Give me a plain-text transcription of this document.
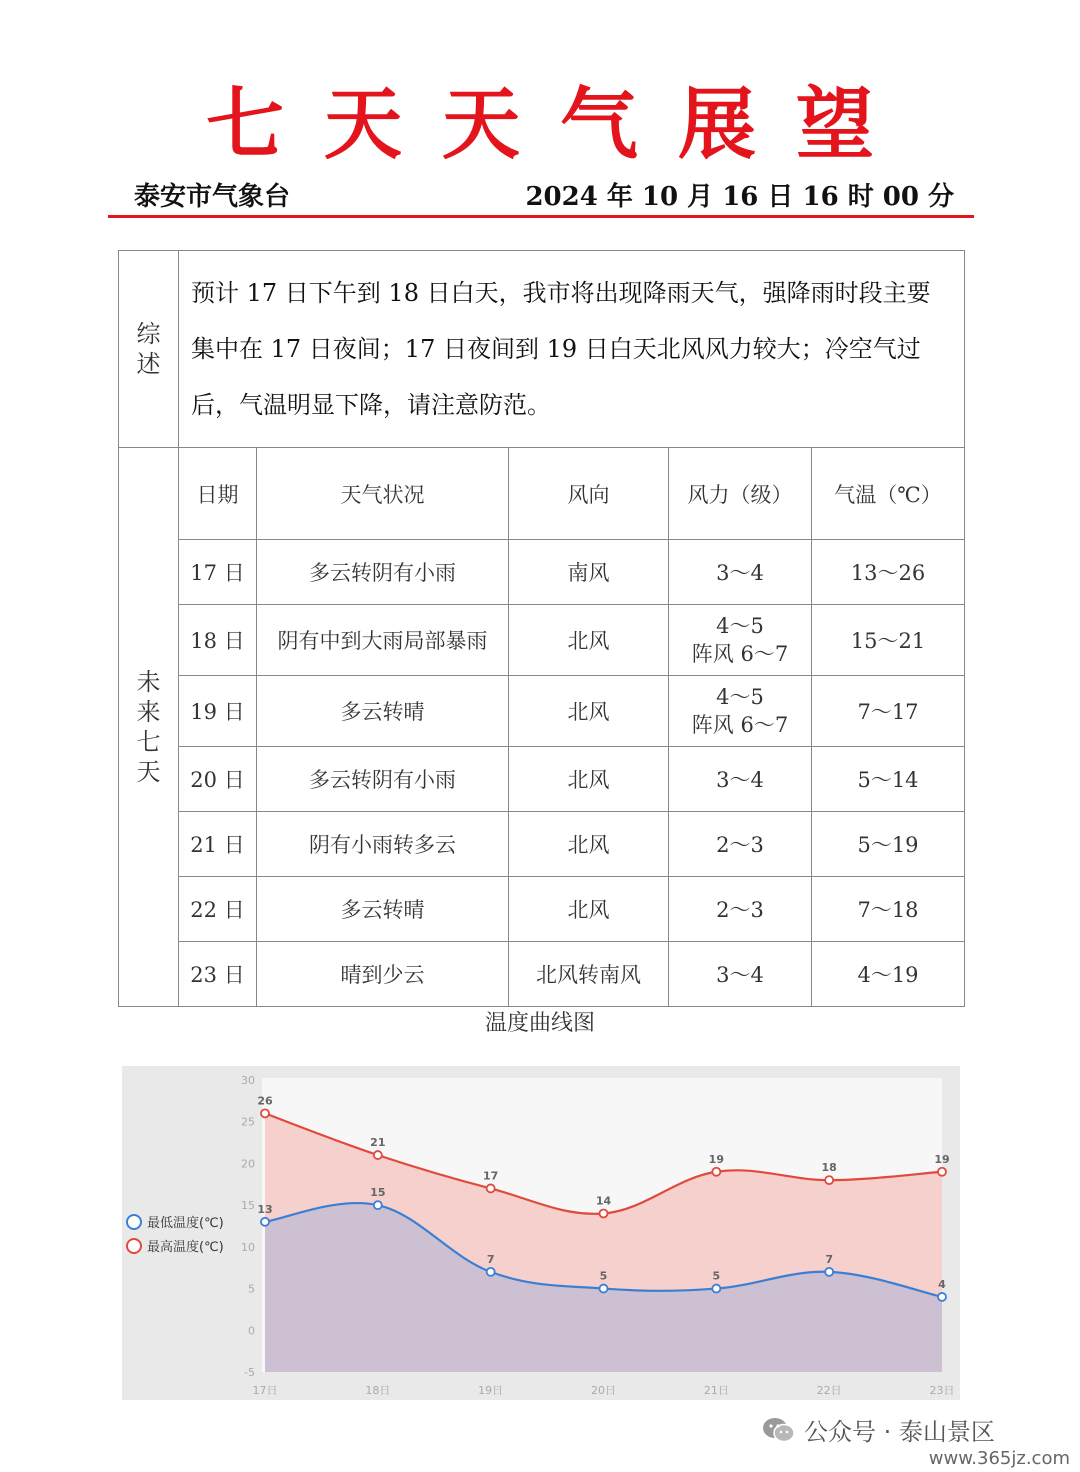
七天天气展望
泰安市气象台	2024 年 10 月 16 日 16 时 00 分
综述	预计 17 日下午到 18 日白天，我市将出现降雨天气，强降雨时段主要集中在 17 日夜间；17 日夜间到 19 日白天北风风力较大；冷空气过后，气温明显下降，请注意防范。				
未来七天	日期	天气状况	风向	风力（级）	气温（℃）
	17 日	多云转阴有小雨	南风	3～4	13～26
	18 日	阴有中到大雨局部暴雨	北风	4～5
阵风 6～7	15～21
	19 日	多云转晴	北风	4～5
阵风 6～7	7～17
	20 日	多云转阴有小雨	北风	3～4	5～14
	21 日	阴有小雨转多云	北风	2～3	5～19
	22 日	多云转晴	北风	2～3	7～18
	23 日	晴到少云	北风转南风	3～4	4～19
温度曲线图
-5
0
5
10
15
20
25
30
17日	18日	19日	20日	21日	22日	23日
13
15
7
5	5
7
4
26
21
17
14
19
18
19
最低温度(℃)
最高温度(℃)
公众号 · 泰山景区
www.365jz.com
